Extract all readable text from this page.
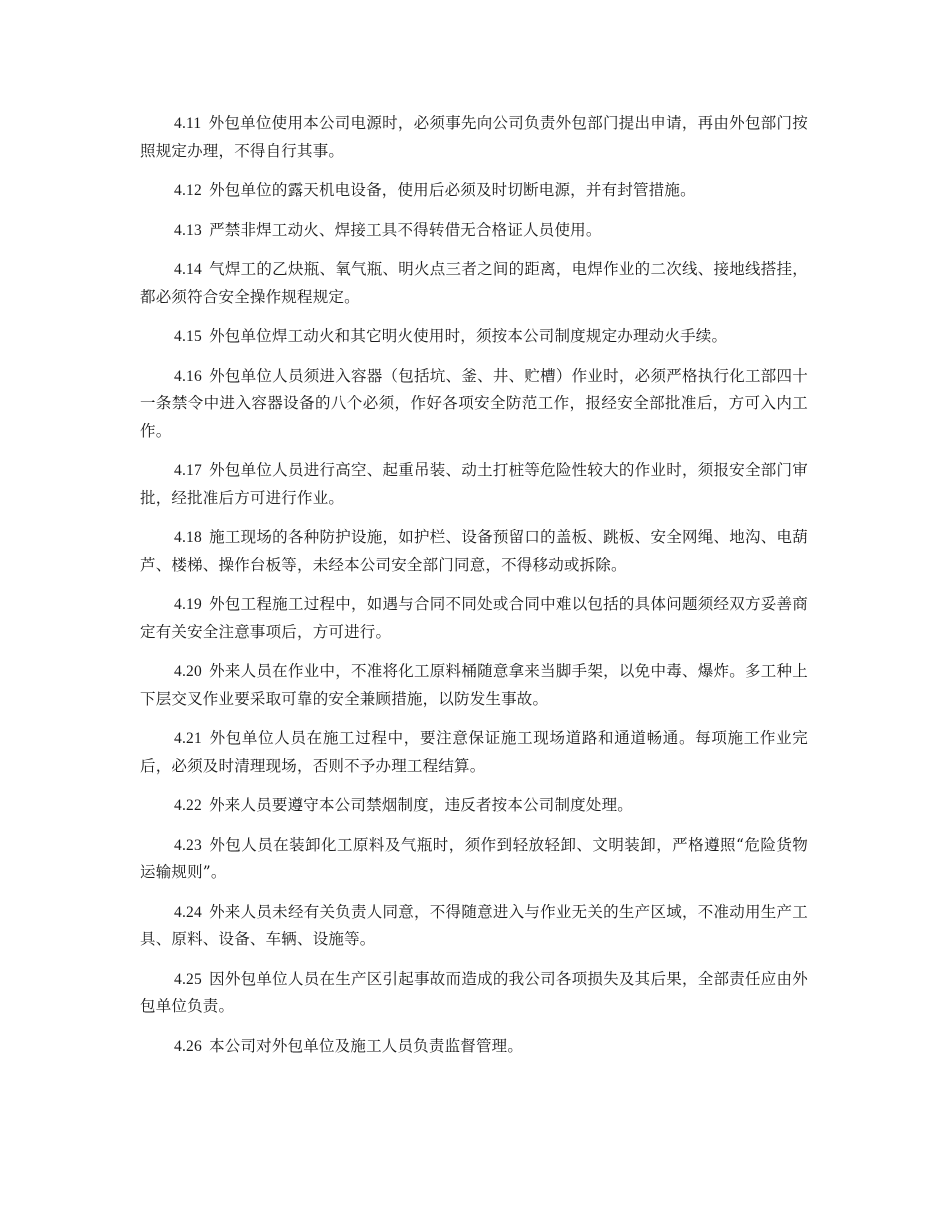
4.11 外包单位使用本公司电源时，必须事先向公司负责外包部门提出申请，再由外包部门按照规定办理，不得自行其事。

4.12 外包单位的露天机电设备，使用后必须及时切断电源，并有封管措施。

4.13 严禁非焊工动火、焊接工具不得转借无合格证人员使用。

4.14 气焊工的乙炔瓶、氧气瓶、明火点三者之间的距离，电焊作业的二次线、接地线搭挂，都必须符合安全操作规程规定。

4.15 外包单位焊工动火和其它明火使用时，须按本公司制度规定办理动火手续。

4.16 外包单位人员须进入容器（包括坑、釜、井、贮槽）作业时，必须严格执行化工部四十一条禁令中进入容器设备的八个必须，作好各项安全防范工作，报经安全部批准后，方可入内工作。

4.17 外包单位人员进行高空、起重吊装、动土打桩等危险性较大的作业时，须报安全部门审批，经批准后方可进行作业。

4.18 施工现场的各种防护设施，如护栏、设备预留口的盖板、跳板、安全网绳、地沟、电葫芦、楼梯、操作台板等，未经本公司安全部门同意，不得移动或拆除。

4.19 外包工程施工过程中，如遇与合同不同处或合同中难以包括的具体问题须经双方妥善商定有关安全注意事项后，方可进行。

4.20 外来人员在作业中，不准将化工原料桶随意拿来当脚手架，以免中毒、爆炸。多工种上下层交叉作业要采取可靠的安全兼顾措施，以防发生事故。

4.21 外包单位人员在施工过程中，要注意保证施工现场道路和通道畅通。每项施工作业完后，必须及时清理现场，否则不予办理工程结算。

4.22 外来人员要遵守本公司禁烟制度，违反者按本公司制度处理。

4.23 外包人员在装卸化工原料及气瓶时，须作到轻放轻卸、文明装卸，严格遵照“危险货物运输规则”。

4.24 外来人员未经有关负责人同意，不得随意进入与作业无关的生产区域，不准动用生产工具、原料、设备、车辆、设施等。

4.25 因外包单位人员在生产区引起事故而造成的我公司各项损失及其后果，全部责任应由外包单位负责。

4.26 本公司对外包单位及施工人员负责监督管理。
